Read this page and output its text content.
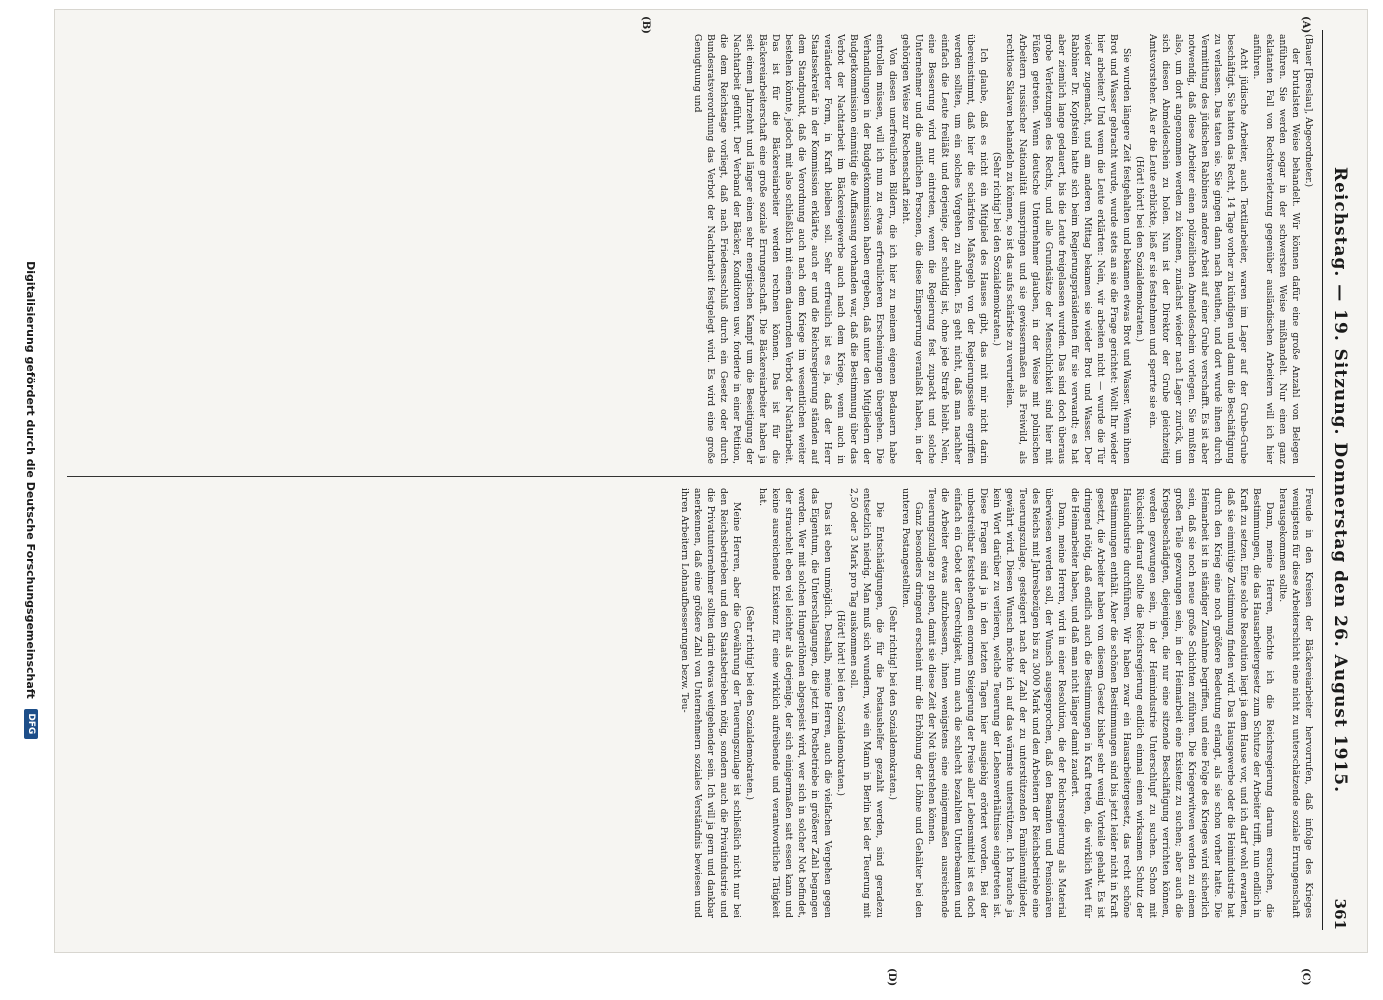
Reichstag. — 19. Sitzung. Donnerstag den 26. August 1915.
361
(A)
(B)
(C)
(D)

(Bauer [Breslau], Abgeordneter.)

der brutalsten Weise behandelt. Wir können dafür eine große Anzahl von Belegen anführen. Sie werden sogar in der schwersten Weise mißhandelt. Nur einen ganz eklatanten Fall von Rechtsverletzung gegenüber ausländischen Arbeitern will ich hier anführen.

Acht jüdische Arbeiter, auch Textilarbeiter, waren im Lager auf der Grube-Grube beschäftigt. Sie hatten das Recht, 14 Tage vorher zu kündigen und dann die Beschäftigung zu verlassen. Das taten sie. Sie gingen dann nach Beuthen, und dort wurde ihnen durch Vermittlung des jüdischen Rabbiners andere Arbeit auf einer Grube verschafft. Es ist aber notwendig, daß diese Arbeiter einen polizeilichen Abmeldeschein vorlegen. Sie mußten also, um dort angenommen werden zu können, zunächst wieder nach Lager zurück, um sich diesen Abmeldeschein zu holen. Nun ist der Direktor der Grube gleichzeitig Amtsvorsteher. Als er die Leute erblickte, ließ er sie festnehmen und sperrte sie ein.

(Hört! hört! bei den Sozialdemokraten.)

Sie wurden längere Zeit festgehalten und bekamen etwas Brot und Wasser. Wenn ihnen Brot und Wasser gebracht wurde, wurde stets an sie die Frage gerichtet: Wollt Ihr wieder hier arbeiten? Und wenn die Leute erklärten: Nein, wir arbeiten nicht — wurde die Tür wieder zugemacht, und am anderen Mittag bekamen sie wieder Brot und Wasser. Der Rabbiner Dr. Kopfstein hatte sich beim Regierungspräsidenten für sie verwandt; es hat aber ziemlich lange gedauert, bis die Leute freigelassen wurden. Das sind doch überaus grobe Verletzungen des Rechts, und alle Grundsätze der Menschlichkeit sind hier mit Füßen getreten. Wenn deutsche Unternehmer glauben, in der Weise mit polnischen Arbeitern russischer Nationalität umspringen und sie gewissermaßen als Freiwild, als rechtlose Sklaven behandeln zu können, so ist das aufs schärfste zu verurteilen.

(Sehr richtig! bei den Sozialdemokraten.)

Ich glaube, daß es nicht ein Mitglied des Hauses gibt, das mit mir nicht darin übereinstimmt, daß hier die schärfsten Maßregeln von der Regierungsseite ergriffen werden sollten, um ein solches Vorgehen zu ahnden. Es geht nicht, daß man nachher einfach die Leute freiläßt und derjenige, der schuldig ist, ohne jede Strafe bleibt. Nein, eine Besserung wird nur eintreten, wenn die Regierung fest zupackt und solche Unternehmer und die amtlichen Personen, die diese Einsperrung veranlaßt haben, in der gehörigen Weise zur Rechenschaft zieht.

Von diesen unerfreulichen Bildern, die ich hier zu meinem eigenen Bedauern habe entrollen müssen, will ich nun zu etwas erfreulicheren Erscheinungen übergehen. Die Verhandlungen in der Budgetkommission haben ergeben, daß unter den Mitgliedern der Budgetkommission einmütig die Auffassung vorhanden war, daß die Bestimmung über das Verbot der Nachtarbeit im Bäckereigewerbe auch nach dem Kriege, wenn auch in veränderter Form, in Kraft bleiben soll. Sehr erfreulich ist es ja, daß der Herr Staatssekretär in der Kommission erklärte, auch er und die Reichsregierung ständen auf dem Standpunkt, daß die Verordnung auch nach dem Kriege im wesentlichen weiter bestehen könnte, jedoch mit also schließlich mit einem dauernden Verbot der Nachtarbeit. Das ist für die Bäckereiarbeiter werden rechnen können. Das ist für die Bäckereiarbeiterschaft eine große soziale Errungenschaft. Die Bäckereiarbeiter haben ja seit einem Jahrzehnt und länger einen sehr energischen Kampf um die Beseitigung der Nachtarbeit geführt. Der Verband der Bäcker, Konditoren usw. forderte in einer Petition, die dem Reichstage vorliegt, daß nach Friedensschluß durch ein Gesetz oder durch Bundesratsverordnung das Verbot der Nachtarbeit festgelegt wird. Es wird eine große Genugtuung und

Freude in den Kreisen der Bäckereiarbeiter hervorrufen, daß infolge des Krieges wenigstens für diese Arbeiterschicht eine nicht zu unterschätzende soziale Errungenschaft herausgekommen sollte.

Dann, meine Herren, möchte ich die Reichsregierung darum ersuchen, die Bestimmungen, die das Hausarbeitergesetz zum Schutze der Arbeiter trifft, nun endlich in Kraft zu setzen. Eine solche Resolution liegt ja dem Hause vor, und ich darf wohl erwarten, daß sie einmütige Zustimmung finden wird. Das Hausgewerbe oder die Heimindustrie hat durch den Krieg eine noch größere Bedeutung erlangt, als sie schon vorher hatte. Die Heimarbeit ist in ständiger Zunahme begriffen, und eine Folge des Krieges wird sicherlich sein, daß sie noch neue große Schichten zuführen. Die Kriegerwitwen werden zu einem großen Teile gezwungen sein, in der Heimarbeit eine Existenz zu suchen; aber auch die Kriegsbeschädigten, diejenigen, die nur eine sitzende Beschäftigung verrichten können, werden gezwungen sein, in der Heimindustrie Unterschlupf zu suchen. Schon mit Rücksicht darauf sollte die Reichsregierung endlich einmal einen wirksamen Schutz der Hausindustrie durchführen. Wir haben zwar ein Hausarbeitergesetz, das recht schöne Bestimmungen enthält. Aber die schönen Bestimmungen sind bis jetzt leider nicht in Kraft gesetzt, die Arbeiter haben von diesem Gesetz bisher sehr wenig Vorteile gehabt. Es ist dringend nötig, daß endlich auch die Bestimmungen in Kraft treten, die wirklich Wert für die Heimarbeiter haben, und daß man nicht länger damit zaudert.

Dann, meine Herren, wird in einer Resolution, die der Reichsregierung als Material überwiesen werden soll, der Wunsch ausgesprochen, daß den Beamten und Pensionären des Reichs mit Jahresbezügen bis zu 3000 Mark und den Arbeitern der Reichsbetriebe eine Teuerungszulage, gesteigert nach der Zahl der zu unterstützenden Familienmitglieder, gewährt wird. Diesen Wunsch möchte ich auf das wärmste unterstützen. Ich brauche ja kein Wort darüber zu verlieren, welche Teuerung der Lebensverhältnisse eingetreten ist. Diese Fragen sind ja in den letzten Tagen hier ausgiebig erörtert worden. Bei der unbestreitbar feststehenden enormen Steigerung der Preise aller Lebensmittel ist es doch einfach ein Gebot der Gerechtigkeit, nun auch die schlecht bezahlten Unterbeamten und die Arbeiter etwas aufzubessern, ihnen wenigstens eine einigermaßen ausreichende Teuerungszulage zu geben, damit sie diese Zeit der Not überstehen können.

Ganz besonders dringend erscheint mir die Erhöhung der Löhne und Gehälter bei den unteren Postangestellten.

(Sehr richtig! bei den Sozialdemokraten.)

Die Entschädigungen, die für die Postaushelfer gezahlt werden, sind geradezu entsetzlich niedrig. Man muß sich wundern, wie ein Mann in Berlin bei der Teuerung mit 2,50 oder 3 Mark pro Tag auskommen soll.

(Hört! hört! bei den Sozialdemokraten.)

Das ist eben unmöglich. Deshalb, meine Herren, auch die vielfachen Vergehen gegen das Eigentum, die Unterschlagungen, die jetzt im Postbetriebe in größerer Zahl begangen werden. Wer mit solchen Hungerlöhnen abgespeist wird, wer sich in solcher Not befindet, der strauchelt eben viel leichter als derjenige, der sich einigermaßen satt essen kann und keine ausreichende Existenz für eine wirklich aufreibende und verantwortliche Tätigkeit hat.

(Sehr richtig! bei den Sozialdemokraten.)

Meine Herren, aber die Gewährung der Teuerungszulage ist schließlich nicht nur bei den Reichsbetrieben und den Staatsbetrieben nötig, sondern auch die Privatindustrie und die Privatunternehmer sollten darin etwas weitgehender sein. Ich will ja gern und dankbar anerkennen, daß eine größere Zahl von Unternehmern soziales Verständnis bewiesen und ihren Arbeitern Lohnaufbesserungen bezw. Teu-

Digitalisierung gefördert durch die Deutsche Forschungsgemeinschaft
DFG
